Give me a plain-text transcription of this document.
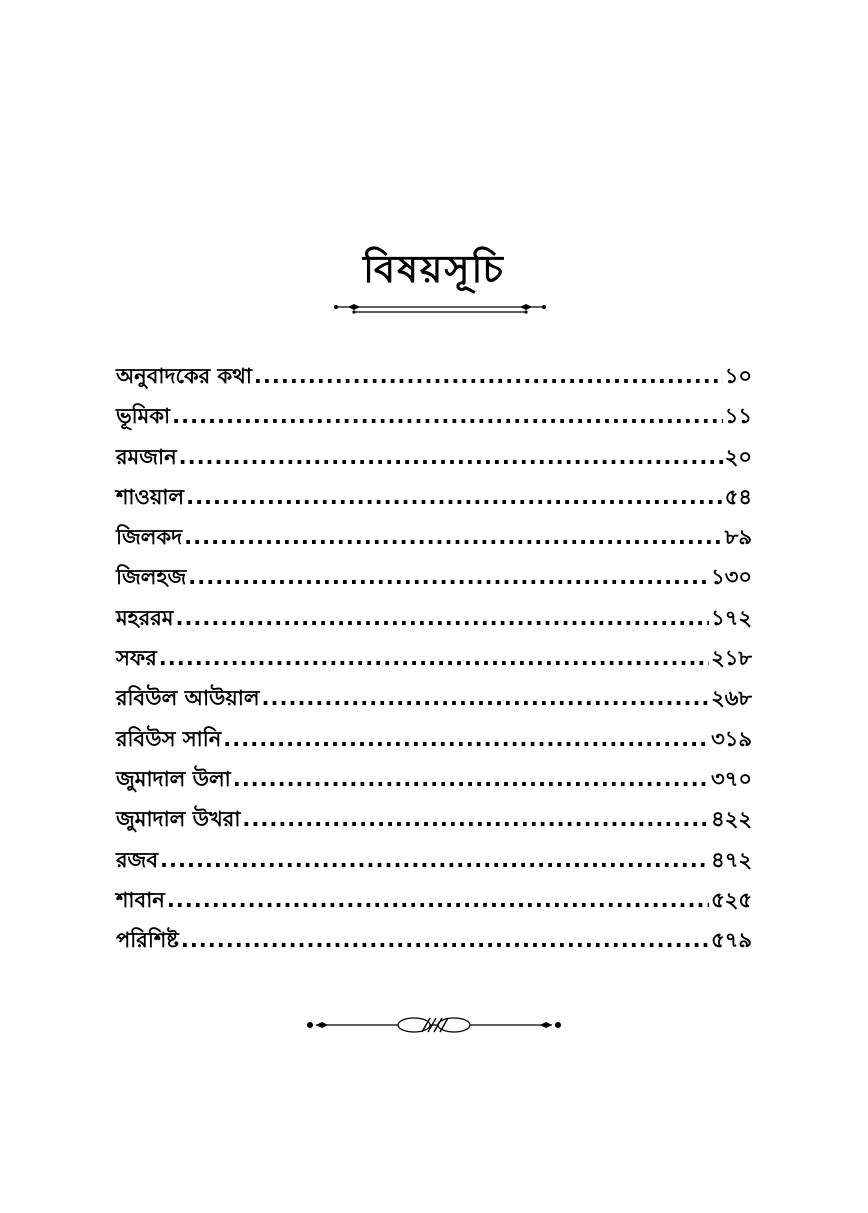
বিষয়সূচি
অনুবাদকের কথা .....	১০
ভূমিকা .....	১১
রমজান .....	২০
শাওয়াল .....	৫৪
জিলকদ .....	৮৯
জিলহজ .....	১৩০
মহররম .....	১৭২
সফর .....	২১৮
রবিউল আউয়াল .....	২৬৮
রবিউস সানি .....	৩১৯
জুমাদাল উলা .....	৩৭০
জুমাদাল উখরা .....	৪২২
রজব .....	৪৭২
শাবান .....	৫২৫
পরিশিষ্ট .....	৫৭৯
